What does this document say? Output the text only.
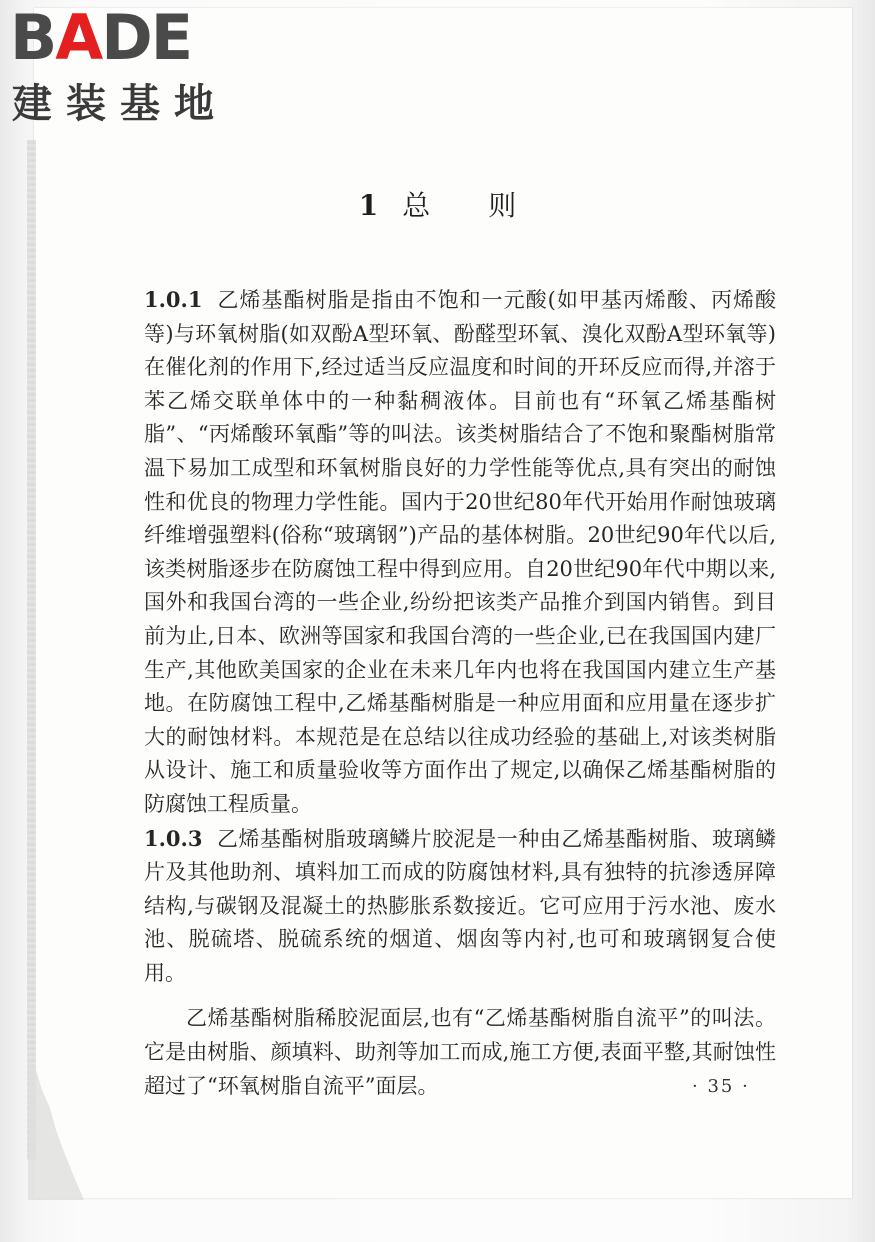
BADE
建装基地
1 总 则

1.0.1 乙烯基酯树脂是指由不饱和一元酸(如甲基丙烯酸、丙烯酸等)与环氧树脂(如双酚A型环氧、酚醛型环氧、溴化双酚A型环氧等)在催化剂的作用下,经过适当反应温度和时间的开环反应而得,并溶于苯乙烯交联单体中的一种黏稠液体。目前也有“环氧乙烯基酯树脂”、“丙烯酸环氧酯”等的叫法。该类树脂结合了不饱和聚酯树脂常温下易加工成型和环氧树脂良好的力学性能等优点,具有突出的耐蚀性和优良的物理力学性能。国内于20世纪80年代开始用作耐蚀玻璃纤维增强塑料(俗称“玻璃钢”)产品的基体树脂。20世纪90年代以后,该类树脂逐步在防腐蚀工程中得到应用。自20世纪90年代中期以来,国外和我国台湾的一些企业,纷纷把该类产品推介到国内销售。到目前为止,日本、欧洲等国家和我国台湾的一些企业,已在我国国内建厂生产,其他欧美国家的企业在未来几年内也将在我国国内建立生产基地。在防腐蚀工程中,乙烯基酯树脂是一种应用面和应用量在逐步扩大的耐蚀材料。本规范是在总结以往成功经验的基础上,对该类树脂从设计、施工和质量验收等方面作出了规定,以确保乙烯基酯树脂的防腐蚀工程质量。

1.0.3 乙烯基酯树脂玻璃鳞片胶泥是一种由乙烯基酯树脂、玻璃鳞片及其他助剂、填料加工而成的防腐蚀材料,具有独特的抗渗透屏障结构,与碳钢及混凝土的热膨胀系数接近。它可应用于污水池、废水池、脱硫塔、脱硫系统的烟道、烟囱等内衬,也可和玻璃钢复合使用。

乙烯基酯树脂稀胶泥面层,也有“乙烯基酯树脂自流平”的叫法。它是由树脂、颜填料、助剂等加工而成,施工方便,表面平整,其耐蚀性超过了“环氧树脂自流平”面层。	· 35 ·
